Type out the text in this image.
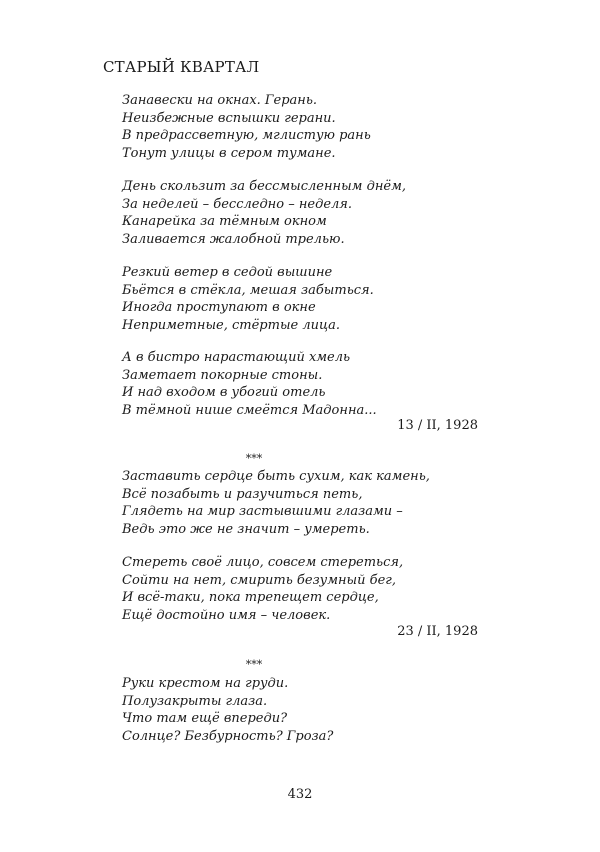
СТАРЫЙ КВАРТАЛ
Занавески на окнах. Герань.
Неизбежные вспышки герани.
В предрассветную, мглистую рань
Тонут улицы в сером тумане.
День скользит за бессмысленным днём,
За неделей – бесследно – неделя.
Канарейка за тёмным окном
Заливается жалобной трелью.
Резкий ветер в седой вышине
Бьётся в стёкла, мешая забыться.
Иногда проступают в окне
Неприметные, стёртые лица.
А в бистро нарастающий хмель
Заметает покорные стоны.
И над входом в убогий отель
В тёмной нише смеётся Мадонна...
13 / II, 1928
***
Заставить сердце быть сухим, как камень,
Всё позабыть и разучиться петь,
Глядеть на мир застывшими глазами –
Ведь это же не значит – умереть.
Стереть своё лицо, совсем стереться,
Сойти на нет, смирить безумный бег,
И всё-таки, пока трепещет сердце,
Ещё достойно имя – человек.
23 / II, 1928
***
Руки крестом на груди.
Полузакрыты глаза.
Что там ещё впереди?
Солнце? Безбурность? Гроза?
432
